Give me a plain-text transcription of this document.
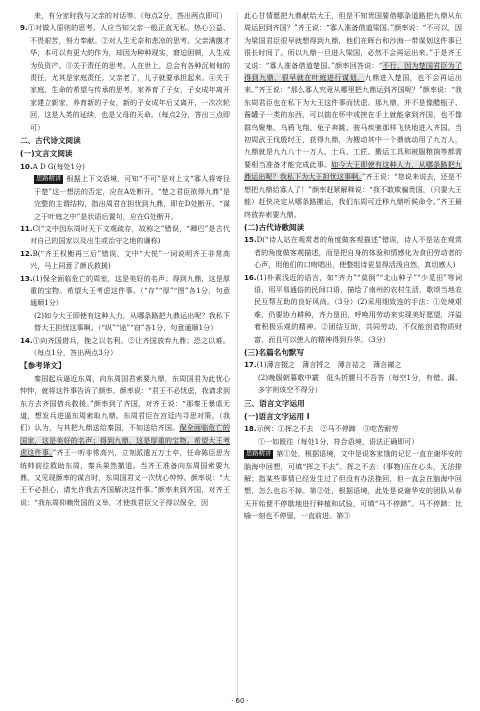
来，有分家时我与父亲的对话等。（每点2分，答出两点即可）

9.①对做人原则的思考。人应当知父亲一般正直无私、热心公益、不畏艰苦，努力奉献。②对人生无奈和悲凉的思考。父亲满腹才华，本可以有更大的作为，却因为种种现实，窘迫困顿，人生成为负资产。③关于责任的思考。人在世上，总会有各种沉甸甸的责任，尤其是家庭责任。父亲老了，儿子就要承担起来。④关于家庭、生命的希望与传承的思考。家养育了子女，子女成年离开家建立新家，养育新的子女，新的子女成年后又离开，一次次轮回，这是人类的延续，也是父母的天命。（每点2分，答出三点即可）

二、古代诗文阅读

(一)文言文阅读

10.A D G(每处1分)

思路精讲 根据上下文语境，可知“不可”是对上文“寡人将寄径于楚”这一想法的否定，应在A处断开。“楚之君臣欲得九鼎”是完整的主谓结构，指出周君在担忧到九鼎，即在D处断开。“谋之于叶庭之中”是状语后置句，应在G处断开。

11.C(“文中因东周时天下文观疏存，故称之”错误，“卿巴”是古代对自己的国家以及出生或治守之地的谦称)

12.B(“齐王权衡再三后”错误，文中“大悦”一词说明齐王非常高兴，马上同意了颜氏救援)

13.(1)保全面临危亡的周室，这是美好的名声；得到九鼎，这是厚重的宝物。希望大王考虑这件事。（“存”“厚”“图”各1分，句意通顺1分）

(2)如今大王即使有这种人力，从哪条路把九鼎运出呢？我私下替大王担忧这事啊。（“纵”“途”“窃”各1分，句意通顺1分）

14.①向齐国借兵，挽之以名利。②让齐国放弃九鼎；恐之以难。（每点1分，答出两点3分）

【参考译文】

秦国起兵逼近东周，向东周国君索要九鼎，东周国君为此忧心忡忡，就将这件事告诉了颜率。颜率说：“君王不必忧虑，我请求到东方去齐国借兵救援。”颜率到了齐国，对齐王说：“那秦王暴虐无道，想发兵进逼东周索取九鼎。东周君臣在宫廷内寻思对策，（我们）认为，与其把九鼎送给秦国，不如送给齐国。保全面临危亡的国家，这是美好的名声；得到九鼎，这是厚重的宝物。希望大王考虑这件事。”齐王一听非常高兴，立刻派遣五万士卒，任命陈臣思为统帅前往救助东周，秦兵果然撤退。当齐王准备向东周国索要九鼎，又见现颜率的谋言时，东周国君又一次忧心忡忡。颜率说：“大王不必担心，请允许我去齐国解决这件事。”颜率来到齐国，对齐王说：“我东周仰赖贵国的义举，才使我君臣父子得以保全，因

此心甘情愿把九鼎献给大王，但是不知贵国要借哪条道路把九鼎从东周运回到齐国？”齐王说：“寡人准备借道梁国。”颜率说：“不可以，因为梁国君臣很早就想得到九鼎，他们在晖台和沙海一带谋划这件事已很长时间了。所以九鼎一旦进入梁国，必然不会再运出来。”于是齐王又说：“寡人准备借道楚国。”颜率回答说：“不行，因为楚国君臣为了得到九鼎，很早就在叶庭进行谋划。九鼎进入楚国，也不会再运出来。”齐王说：“那么寡人究竟从哪里把九鼎运到齐国呢？”颜率说：“我东周君臣也在私下为大王这件事而忧虑。那九鼎，并不是像醋瓶子、酱罐子一类的东西，可以揣在怀中或挟在手上就能拿到齐国，也不像群鸟聚集、乌鸦飞翔、兔子奔跳、骏马疾驰那样飞快地进入齐国。当初周武王伐殷纣王，获得九鼎，为搬动其中一个鼎就动用了九万人，九鼎就是九九八十一万人，士兵、工匠、搬运工具和被服粮饷等都需要相当准备才能完成此事。如今大王即使有这种人力，从哪条路把九鼎运出呢？我私下为大王担忧这事啊。”齐王说：“您说来说去，还是不想把九鼎给寡人了！”颜率赶紧解释说：“我不敢欺骗贵国，（只要大王能）赶快决定从哪条路搬运，我们东周可迁移九鼎听候命令。”齐王最终放弃索要九鼎。

(二)古代诗歌阅读

15.D(“诗人站在观赏者的角度做客观描述”错误，诗人不是站在观赏者的角度做客观描述，而是把自身的体验和情感化为食田劳动者的心声，用他们的口吻唱出，使整组诗更显得活泼自然，真切感人)

16.(1)朴素浅近的语言，如“齐力”“莫倒”“北山种子”“少觅田”等词语，用平易通俗的民间口语，描绘了南州的农村生活，歌颂当地农民互帮互助的良好风尚。（3分）(2)采用细致连的手法：①处境艰难，仍要协力耕种，齐力垦田，呼唤用劳动来实现美好愿望，洋溢着积极乐观的精神。②团结互助，共同劳动，不仅能创造物质财富，而且可以使人的精神得到升华。（3分）

(三)名篇名句默写

17.(1)薄言掇之　薄言捋之　薄言袺之　薄言襭之

(2)晚服朝暮歌中霰　低头折腰只不吾答（每空1分，有错、漏、多字则该空不得分）

三、语言文字运用

(一)语言文字运用 Ⅰ

18.示例：①挥之不去　②马不停蹄　③吃苦耐劳

①一如既往（每处1分，符合语境，语法正确即可）

思路精讲 第①处，根据语境，文中是说客家饿的记忆一直在谢华安的脑海中回想，可填“挥之不去”。挥之不去：(事物)压在心头，无法排解；指某些事情已经发生过了但没有办法挽回，但一直会在脑海中回想，怎么也忘不掉。第②处，根据语境，此处是说谢华安的团队从春天开始便不停歇地进行种植和试验，可填“马不停蹄”。马不停蹄：比喻一刻也不停留，一直前进。第③

· 60 ·
